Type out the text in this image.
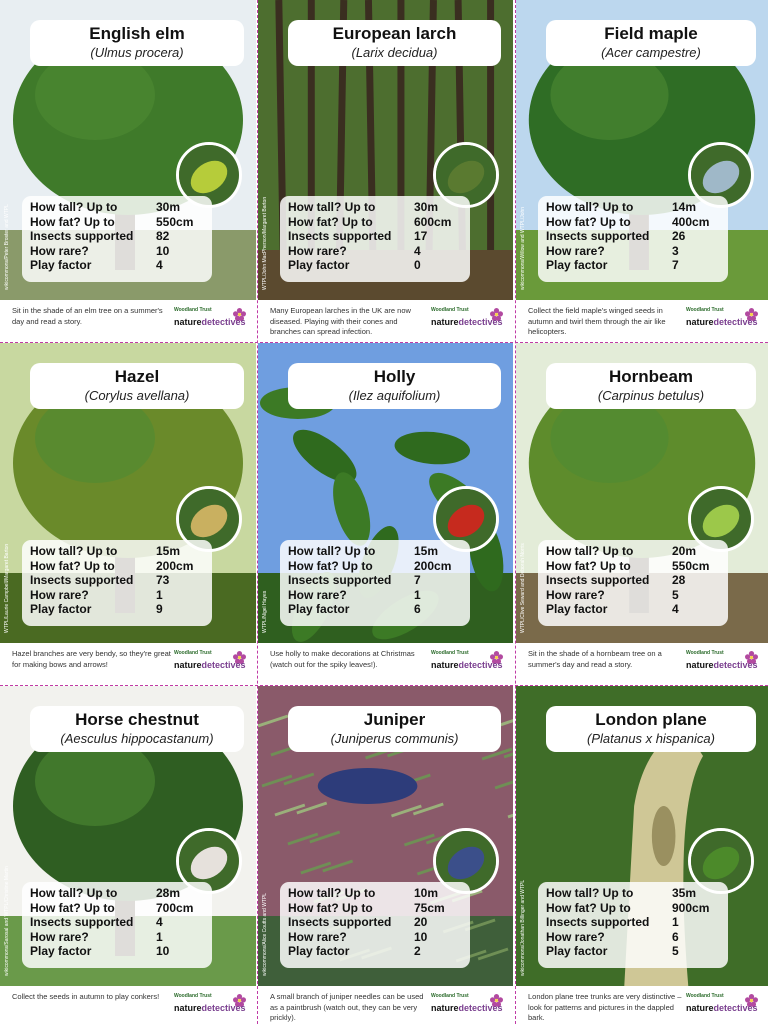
English elm
(Ulmus procera)
How tall? Up to	30m
How fat? Up to	550cm
Insects supported 82
How rare?	10
Play factor	4
wikicommons/Peter Broster and WTPL
Sit in the shade of an elm tree on a summer's day and read a story.
Woodland Trust
naturedetectives
European larch
(Larix decidua)
How tall? Up to	30m
How fat? Up to	600cm
Insects supported 17
How rare?	4
Play factor	0
WTPL/John MacPherson/Margaret Barton
Many European larches in the UK are now diseased. Playing with their cones and branches can spread infection.
Woodland Trust
naturedetectives
Field maple
(Acer campestre)
How tall? Up to	14m
How fat? Up to	400cm
Insects supported 26
How rare?	3
Play factor	7
wikicommons/Willow and WTPL/John
Collect the field maple's winged seeds in autumn and twirl them through the air like helicopters.
Woodland Trust
naturedetectives
Hazel
(Corylus avellana)
How tall? Up to	15m
How fat? Up to	200cm
Insects supported 73
How rare?	1
Play factor	9
WTPL/Laurie Campbell/Margaret Barton
Hazel branches are very bendy, so they're great for making bows and arrows!
Woodland Trust
naturedetectives
Holly
(Ilez aquifolium)
How tall? Up to	15m
How fat? Up to	200cm
Insects supported 7
How rare?	1
Play factor	6
WTPL/Nigel Hayes
Use holly to make decorations at Christmas (watch out for the spiky leaves!).
Woodland Trust
naturedetectives
Hornbeam
(Carpinus betulus)
How tall? Up to	20m
How fat? Up to	550cm
Insects supported 28
How rare?	5
Play factor	4
WTPL/Clive Seward and Deborah Norris
Sit in the shade of a hornbeam tree on a summer's day and read a story.
Woodland Trust
naturedetectives
Horse chestnut
(Aesculus hippocastanum)
How tall? Up to	28m
How fat? Up to	700cm
Insects supported 4
How rare?	1
Play factor	10
wikicommons/Sarosal and WTPL/Christine Martin
Collect the seeds in autumn to play conkers!	Woodland Trust
naturedetectives
Juniper
(Juniperus communis)
How tall? Up to	10m
How fat? Up to	75cm
Insects supported 20
How rare?	10
Play factor	2
wikicommons/Alice Coutts and WTPL
A small branch of juniper needles can be used as a paintbrush (watch out, they can be very prickly).
Woodland Trust
naturedetectives
London plane
(Platanus x hispanica)
How tall? Up to	35m
How fat? Up to	900cm
Insects supported 1
How rare?	6
Play factor	5
wikicommons/Jonathan Billinger and WTPL
London plane tree trunks are very distinctive – look for patterns and pictures in the dappled bark.
Woodland Trust
naturedetectives
